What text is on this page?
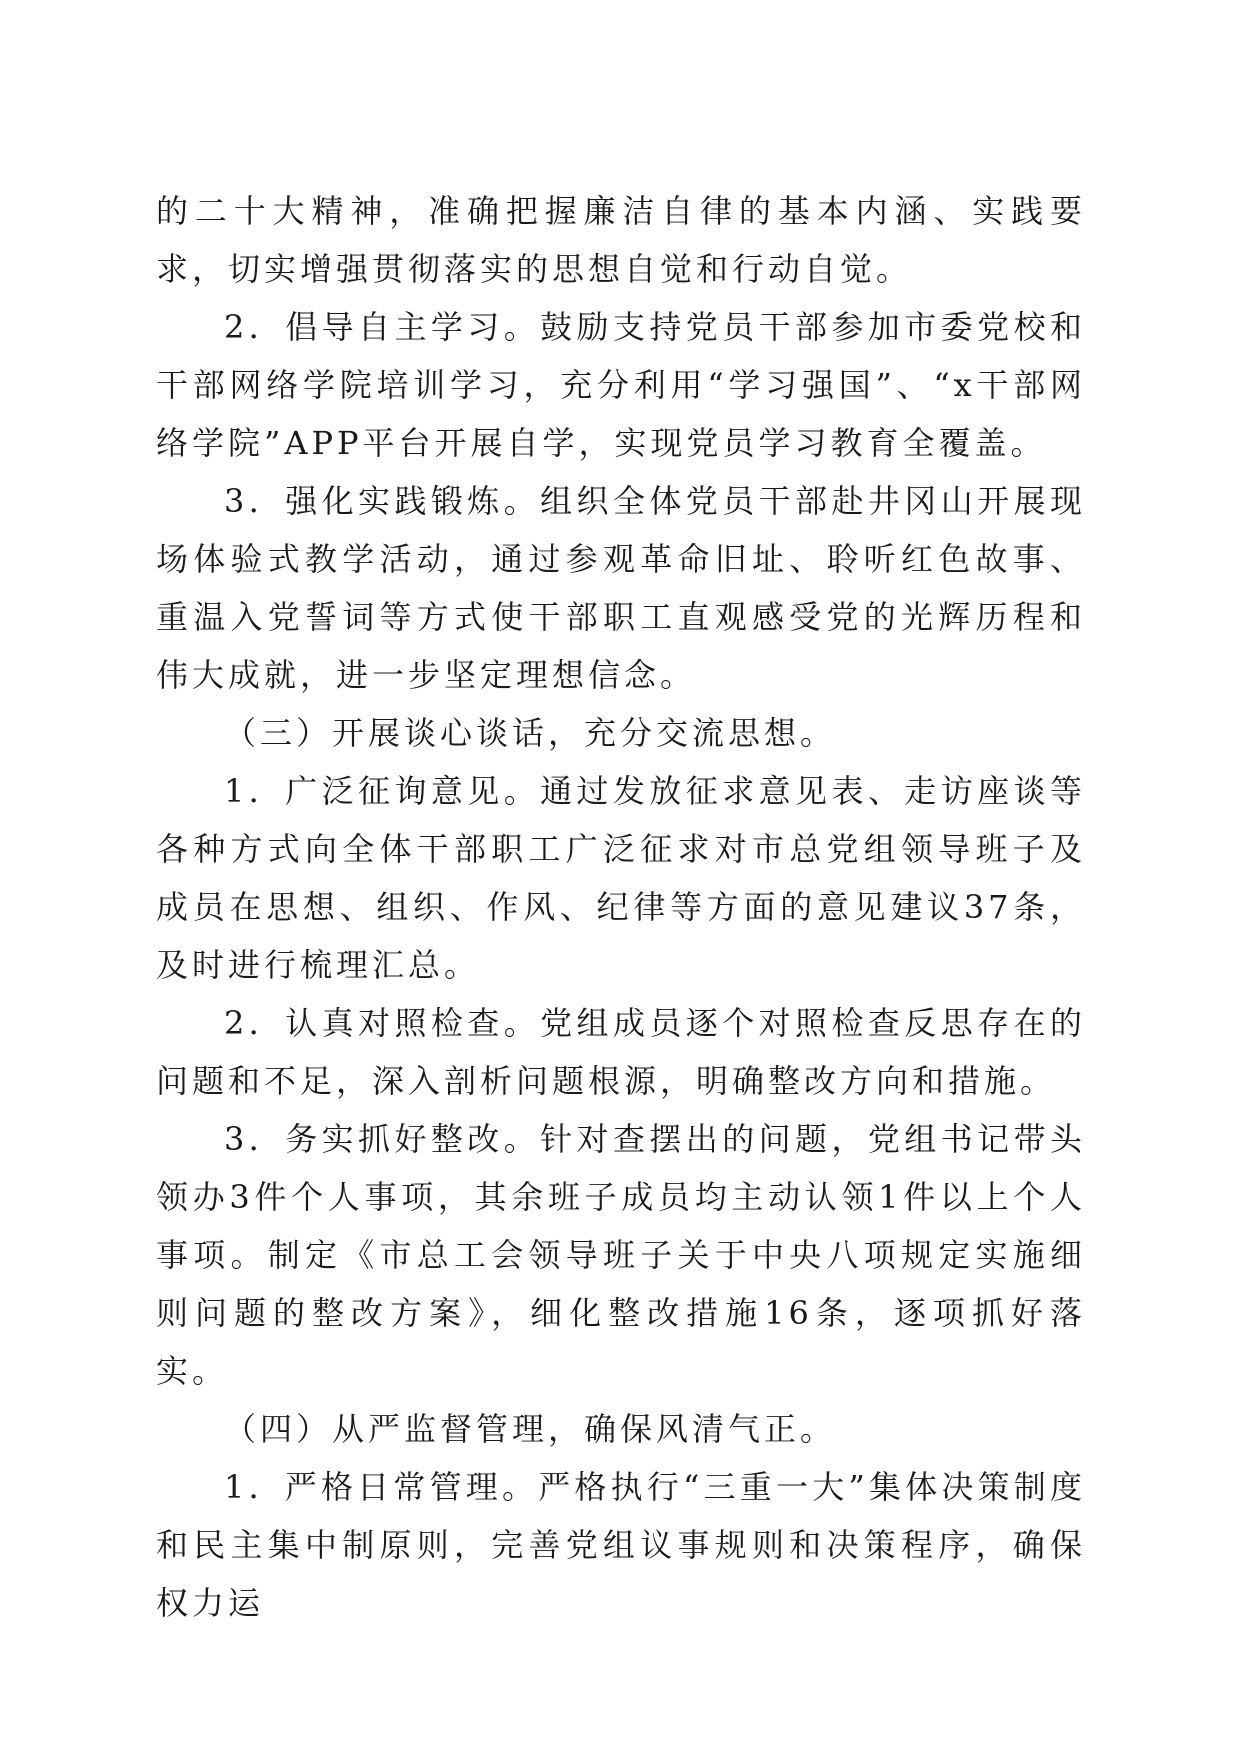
的二十大精神，准确把握廉洁自律的基本内涵、实践要求，切实增强贯彻落实的思想自觉和行动自觉。

2．倡导自主学习。鼓励支持党员干部参加市委党校和干部网络学院培训学习，充分利用“学习强国”、“x干部网络学院”APP平台开展自学，实现党员学习教育全覆盖。

3．强化实践锻炼。组织全体党员干部赴井冈山开展现场体验式教学活动，通过参观革命旧址、聆听红色故事、重温入党誓词等方式使干部职工直观感受党的光辉历程和伟大成就，进一步坚定理想信念。

（三）开展谈心谈话，充分交流思想。

1．广泛征询意见。通过发放征求意见表、走访座谈等各种方式向全体干部职工广泛征求对市总党组领导班子及成员在思想、组织、作风、纪律等方面的意见建议37条，及时进行梳理汇总。

2．认真对照检查。党组成员逐个对照检查反思存在的问题和不足，深入剖析问题根源，明确整改方向和措施。

3．务实抓好整改。针对查摆出的问题，党组书记带头领办3件个人事项，其余班子成员均主动认领1件以上个人事项。制定《市总工会领导班子关于中央八项规定实施细则问题的整改方案》，细化整改措施16条，逐项抓好落实。

（四）从严监督管理，确保风清气正。

1．严格日常管理。严格执行“三重一大”集体决策制度和民主集中制原则，完善党组议事规则和决策程序，确保权力运
